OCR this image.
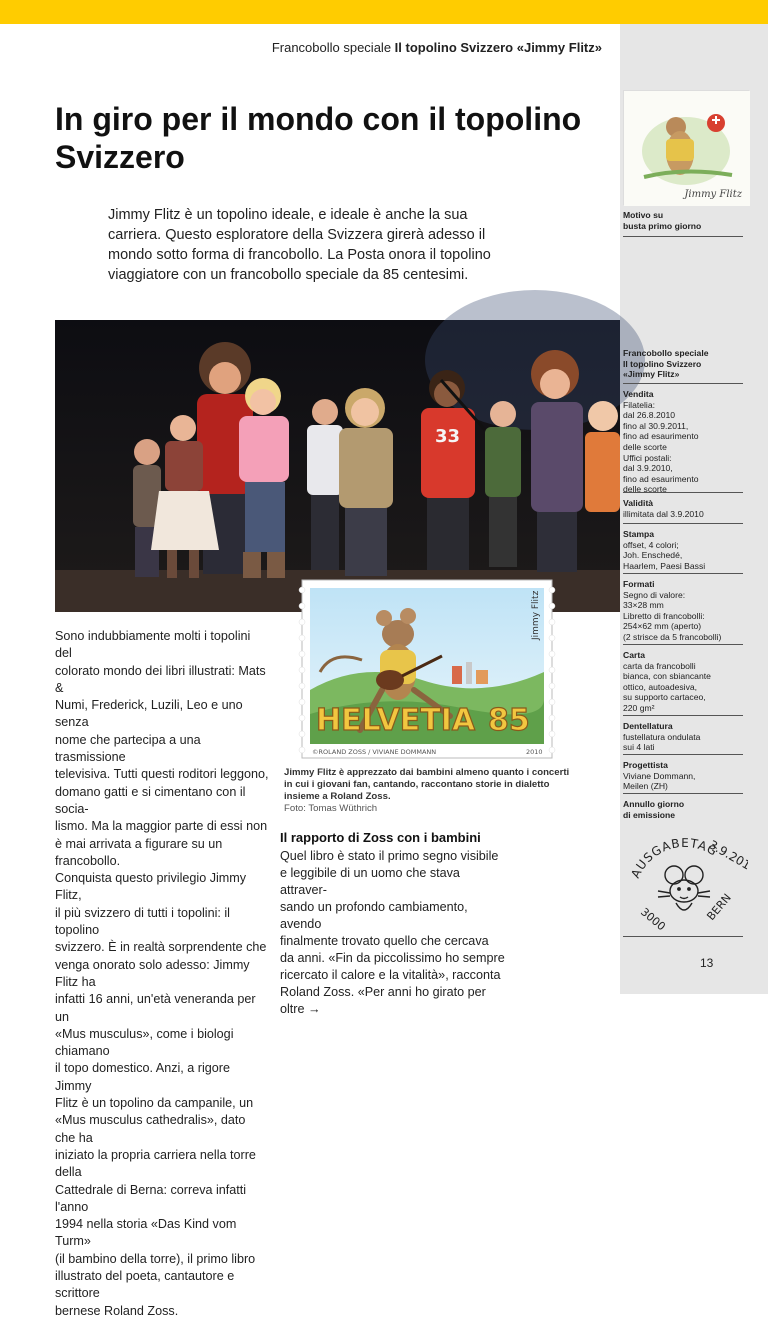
Francobollo speciale Il topolino Svizzero «Jimmy Flitz»
In giro per il mondo con il topolino Svizzero

Jimmy Flitz è un topolino ideale, e ideale è anche la sua carriera. Questo esploratore della Svizzera girerà adesso il mondo sotto forma di francobollo. La Posta onora il topolino viaggiatore con un francobollo speciale da 85 centesimi.

33

Sono indubbiamente molti i topolini del
colorato mondo dei libri illustrati: Mats &
Numi, Frederick, Luzili, Leo e uno senza
nome che partecipa a una trasmissione
televisiva. Tutti questi roditori leggono,
domano gatti e si cimentano con il socia-
lismo. Ma la maggior parte di essi non
è mai arrivata a figurare su un francobollo.
Conquista questo privilegio Jimmy Flitz,
il più svizzero di tutti i topolini: il topolino
svizzero. È in realtà sorprendente che
venga onorato solo adesso: Jimmy Flitz ha
infatti 16 anni, un'età veneranda per un
«Mus musculus», come i biologi chiamano
il topo domestico. Anzi, a rigore Jimmy
Flitz è un topolino da campanile, un
«Mus musculus cathedralis», dato che ha
iniziato la propria carriera nella torre della
Cattedrale di Berna: correva infatti l'anno
1994 nella storia «Das Kind vom Turm»
(il bambino della torre), il primo libro
illustrato del poeta, cantautore e scrittore
bernese Roland Zoss.

HELVETIA 85
Jimmy Flitz
©ROLAND ZOSS / VIVIANE DOMMANN	2010

Jimmy Flitz è apprezzato dai bambini almeno quanto i concerti in cui i giovani fan, cantando, raccontano storie in dialetto insieme a Roland Zoss.
Foto: Tomas Wüthrich

Il rapporto di Zoss con i bambini

Quel libro è stato il primo segno visibile
e leggibile di un uomo che stava attraver-
sando un profondo cambiamento, avendo
finalmente trovato quello che cercava
da anni. «Fin da piccolissimo ho sempre
ricercato il calore e la vitalità», racconta
Roland Zoss. «Per anni ho girato per oltre →

Jimmy Flitz
Motivo su
busta primo giorno
Francobollo speciale
Il topolino Svizzero
«Jimmy Flitz»
Vendita
Filatelia:
dal 26.8.2010
fino al 30.9.2011,
fino ad esaurimento
delle scorte
Uffici postali:
dal 3.9.2010,
fino ad esaurimento
delle scorte
Validità
illimitata dal 3.9.2010
Stampa
offset, 4 colori;
Joh. Enschedé,
Haarlem, Paesi Bassi
Formati
Segno di valore:
33×28 mm
Libretto di francobolli:
254×62 mm (aperto)
(2 strisce da 5 francobolli)
Carta
carta da francobolli
bianca, con sbiancante
ottico, autoadesiva,
su supporto cartaceo,
220 gm²
Dentellatura
fustellatura ondulata
sui 4 lati
Progettista
Viviane Dommann,
Meilen (ZH)
Annullo giorno
di emissione
AUSGABETAG
3.9.2010
3000	BERN
13
